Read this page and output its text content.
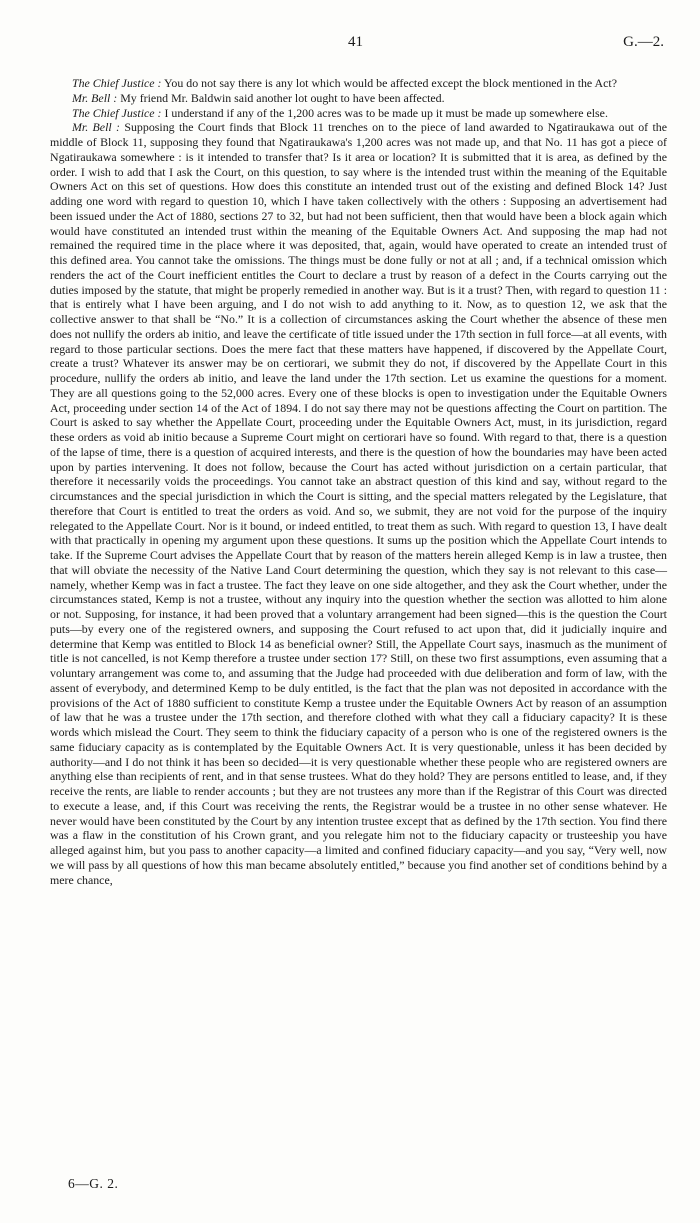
41	G.—2.

The Chief Justice : You do not say there is any lot which would be affected except the block mentioned in the Act?

Mr. Bell : My friend Mr. Baldwin said another lot ought to have been affected.

The Chief Justice : I understand if any of the 1,200 acres was to be made up it must be made up somewhere else.

Mr. Bell : Supposing the Court finds that Block 11 trenches on to the piece of land awarded to Ngatiraukawa out of the middle of Block 11, supposing they found that Ngatiraukawa's 1,200 acres was not made up, and that No. 11 has got a piece of Ngatiraukawa somewhere : is it intended to transfer that? Is it area or location? It is submitted that it is area, as defined by the order. I wish to add that I ask the Court, on this question, to say where is the intended trust within the meaning of the Equitable Owners Act on this set of questions. How does this constitute an intended trust out of the existing and defined Block 14? Just adding one word with regard to question 10, which I have taken collectively with the others : Supposing an advertisement had been issued under the Act of 1880, sections 27 to 32, but had not been sufficient, then that would have been a block again which would have constituted an intended trust within the meaning of the Equitable Owners Act. And supposing the map had not remained the required time in the place where it was deposited, that, again, would have operated to create an intended trust of this defined area. You cannot take the omissions. The things must be done fully or not at all ; and, if a technical omission which renders the act of the Court inefficient entitles the Court to declare a trust by reason of a defect in the Courts carrying out the duties imposed by the statute, that might be properly remedied in another way. But is it a trust? Then, with regard to question 11 : that is entirely what I have been arguing, and I do not wish to add anything to it. Now, as to question 12, we ask that the collective answer to that shall be “No.” It is a collection of circumstances asking the Court whether the absence of these men does not nullify the orders ab initio, and leave the certificate of title issued under the 17th section in full force—at all events, with regard to those particular sections. Does the mere fact that these matters have happened, if discovered by the Appellate Court, create a trust? Whatever its answer may be on certiorari, we submit they do not, if discovered by the Appellate Court in this procedure, nullify the orders ab initio, and leave the land under the 17th section. Let us examine the questions for a moment. They are all questions going to the 52,000 acres. Every one of these blocks is open to investigation under the Equitable Owners Act, proceeding under section 14 of the Act of 1894. I do not say there may not be questions affecting the Court on partition. The Court is asked to say whether the Appellate Court, proceeding under the Equitable Owners Act, must, in its jurisdiction, regard these orders as void ab initio because a Supreme Court might on certiorari have so found. With regard to that, there is a question of the lapse of time, there is a question of acquired interests, and there is the question of how the boundaries may have been acted upon by parties intervening. It does not follow, because the Court has acted without jurisdiction on a certain particular, that therefore it necessarily voids the proceedings. You cannot take an abstract question of this kind and say, without regard to the circumstances and the special jurisdiction in which the Court is sitting, and the special matters relegated by the Legislature, that therefore that Court is entitled to treat the orders as void. And so, we submit, they are not void for the purpose of the inquiry relegated to the Appellate Court. Nor is it bound, or indeed entitled, to treat them as such. With regard to question 13, I have dealt with that practically in opening my argument upon these questions. It sums up the position which the Appellate Court intends to take. If the Supreme Court advises the Appellate Court that by reason of the matters herein alleged Kemp is in law a trustee, then that will obviate the necessity of the Native Land Court determining the question, which they say is not relevant to this case—namely, whether Kemp was in fact a trustee. The fact they leave on one side altogether, and they ask the Court whether, under the circumstances stated, Kemp is not a trustee, without any inquiry into the question whether the section was allotted to him alone or not. Supposing, for instance, it had been proved that a voluntary arrangement had been signed—this is the question the Court puts—by every one of the registered owners, and supposing the Court refused to act upon that, did it judicially inquire and determine that Kemp was entitled to Block 14 as beneficial owner? Still, the Appellate Court says, inasmuch as the muniment of title is not cancelled, is not Kemp therefore a trustee under section 17? Still, on these two first assumptions, even assuming that a voluntary arrangement was come to, and assuming that the Judge had proceeded with due deliberation and form of law, with the assent of everybody, and determined Kemp to be duly entitled, is the fact that the plan was not deposited in accordance with the provisions of the Act of 1880 sufficient to constitute Kemp a trustee under the Equitable Owners Act by reason of an assumption of law that he was a trustee under the 17th section, and therefore clothed with what they call a fiduciary capacity? It is these words which mislead the Court. They seem to think the fiduciary capacity of a person who is one of the registered owners is the same fiduciary capacity as is contemplated by the Equitable Owners Act. It is very questionable, unless it has been decided by authority—and I do not think it has been so decided—it is very questionable whether these people who are registered owners are anything else than recipients of rent, and in that sense trustees. What do they hold? They are persons entitled to lease, and, if they receive the rents, are liable to render accounts ; but they are not trustees any more than if the Registrar of this Court was directed to execute a lease, and, if this Court was receiving the rents, the Registrar would be a trustee in no other sense whatever. He never would have been constituted by the Court by any intention trustee except that as defined by the 17th section. You find there was a flaw in the constitution of his Crown grant, and you relegate him not to the fiduciary capacity or trusteeship you have alleged against him, but you pass to another capacity—a limited and confined fiduciary capacity—and you say, “Very well, now we will pass by all questions of how this man became absolutely entitled,” because you find another set of conditions behind by a mere chance,

6—G. 2.
